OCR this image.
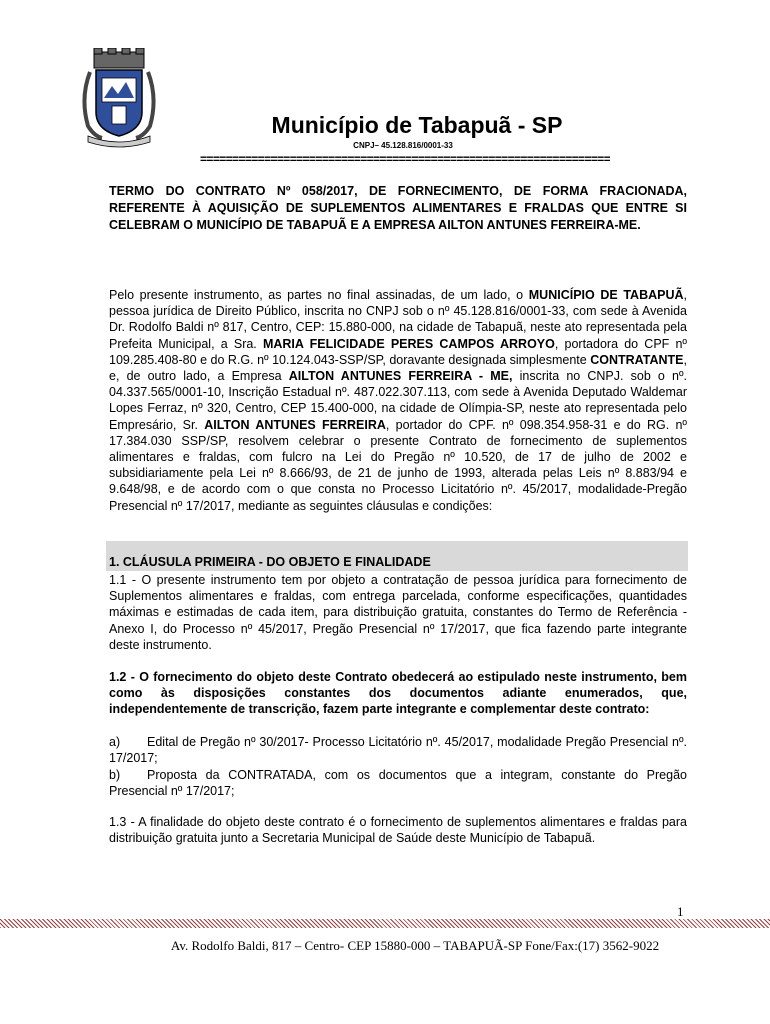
Município de Tabapuã - SP
CNPJ– 45.128.816/0001-33
================================================================
TERMO DO CONTRATO Nº 058/2017, DE FORNECIMENTO, DE FORMA FRACIONADA, REFERENTE À AQUISIÇÃO DE SUPLEMENTOS ALIMENTARES E FRALDAS QUE ENTRE SI CELEBRAM O MUNICÍPIO DE TABAPUÃ E A EMPRESA AILTON ANTUNES FERREIRA-ME.
Pelo presente instrumento, as partes no final assinadas, de um lado, o MUNICÍPIO DE TABAPUÃ, pessoa jurídica de Direito Público, inscrita no CNPJ sob o nº 45.128.816/0001-33, com sede à Avenida Dr. Rodolfo Baldi nº 817, Centro, CEP: 15.880-000, na cidade de Tabapuã, neste ato representada pela Prefeita Municipal, a Sra. MARIA FELICIDADE PERES CAMPOS ARROYO, portadora do CPF nº 109.285.408-80 e do R.G. nº 10.124.043-SSP/SP, doravante designada simplesmente CONTRATANTE, e, de outro lado, a Empresa AILTON ANTUNES FERREIRA - ME, inscrita no CNPJ. sob o nº. 04.337.565/0001-10, Inscrição Estadual nº. 487.022.307.113, com sede à Avenida Deputado Waldemar Lopes Ferraz, nº 320, Centro, CEP 15.400-000, na cidade de Olímpia-SP, neste ato representada pelo Empresário, Sr. AILTON ANTUNES FERREIRA, portador do CPF. nº 098.354.958-31 e do RG. nº 17.384.030 SSP/SP, resolvem celebrar o presente Contrato de fornecimento de suplementos alimentares e fraldas, com fulcro na Lei do Pregão nº 10.520, de 17 de julho de 2002 e subsidiariamente pela Lei nº 8.666/93, de 21 de junho de 1993, alterada pelas Leis nº 8.883/94 e 9.648/98, e de acordo com o que consta no Processo Licitatório nº. 45/2017, modalidade-Pregão Presencial nº 17/2017, mediante as seguintes cláusulas e condições:
1. CLÁUSULA PRIMEIRA - DO OBJETO E FINALIDADE
1.1 - O presente instrumento tem por objeto a contratação de pessoa jurídica para fornecimento de Suplementos alimentares e fraldas, com entrega parcelada, conforme especificações, quantidades máximas e estimadas de cada item, para distribuição gratuita, constantes do Termo de Referência - Anexo I, do Processo nº 45/2017, Pregão Presencial nº 17/2017, que fica fazendo parte integrante deste instrumento.
1.2 - O fornecimento do objeto deste Contrato obedecerá ao estipulado neste instrumento, bem como às disposições constantes dos documentos adiante enumerados, que, independentemente de transcrição, fazem parte integrante e complementar deste contrato:
a) Edital de Pregão nº 30/2017- Processo Licitatório nº. 45/2017, modalidade Pregão Presencial nº. 17/2017;
b) Proposta da CONTRATADA, com os documentos que a integram, constante do Pregão Presencial nº 17/2017;
1.3 - A finalidade do objeto deste contrato é o fornecimento de suplementos alimentares e fraldas para distribuição gratuita junto a Secretaria Municipal de Saúde deste Município de Tabapuã.
1
Av. Rodolfo Baldi, 817 – Centro- CEP 15880-000 – TABAPUÃ-SP Fone/Fax:(17) 3562-9022
